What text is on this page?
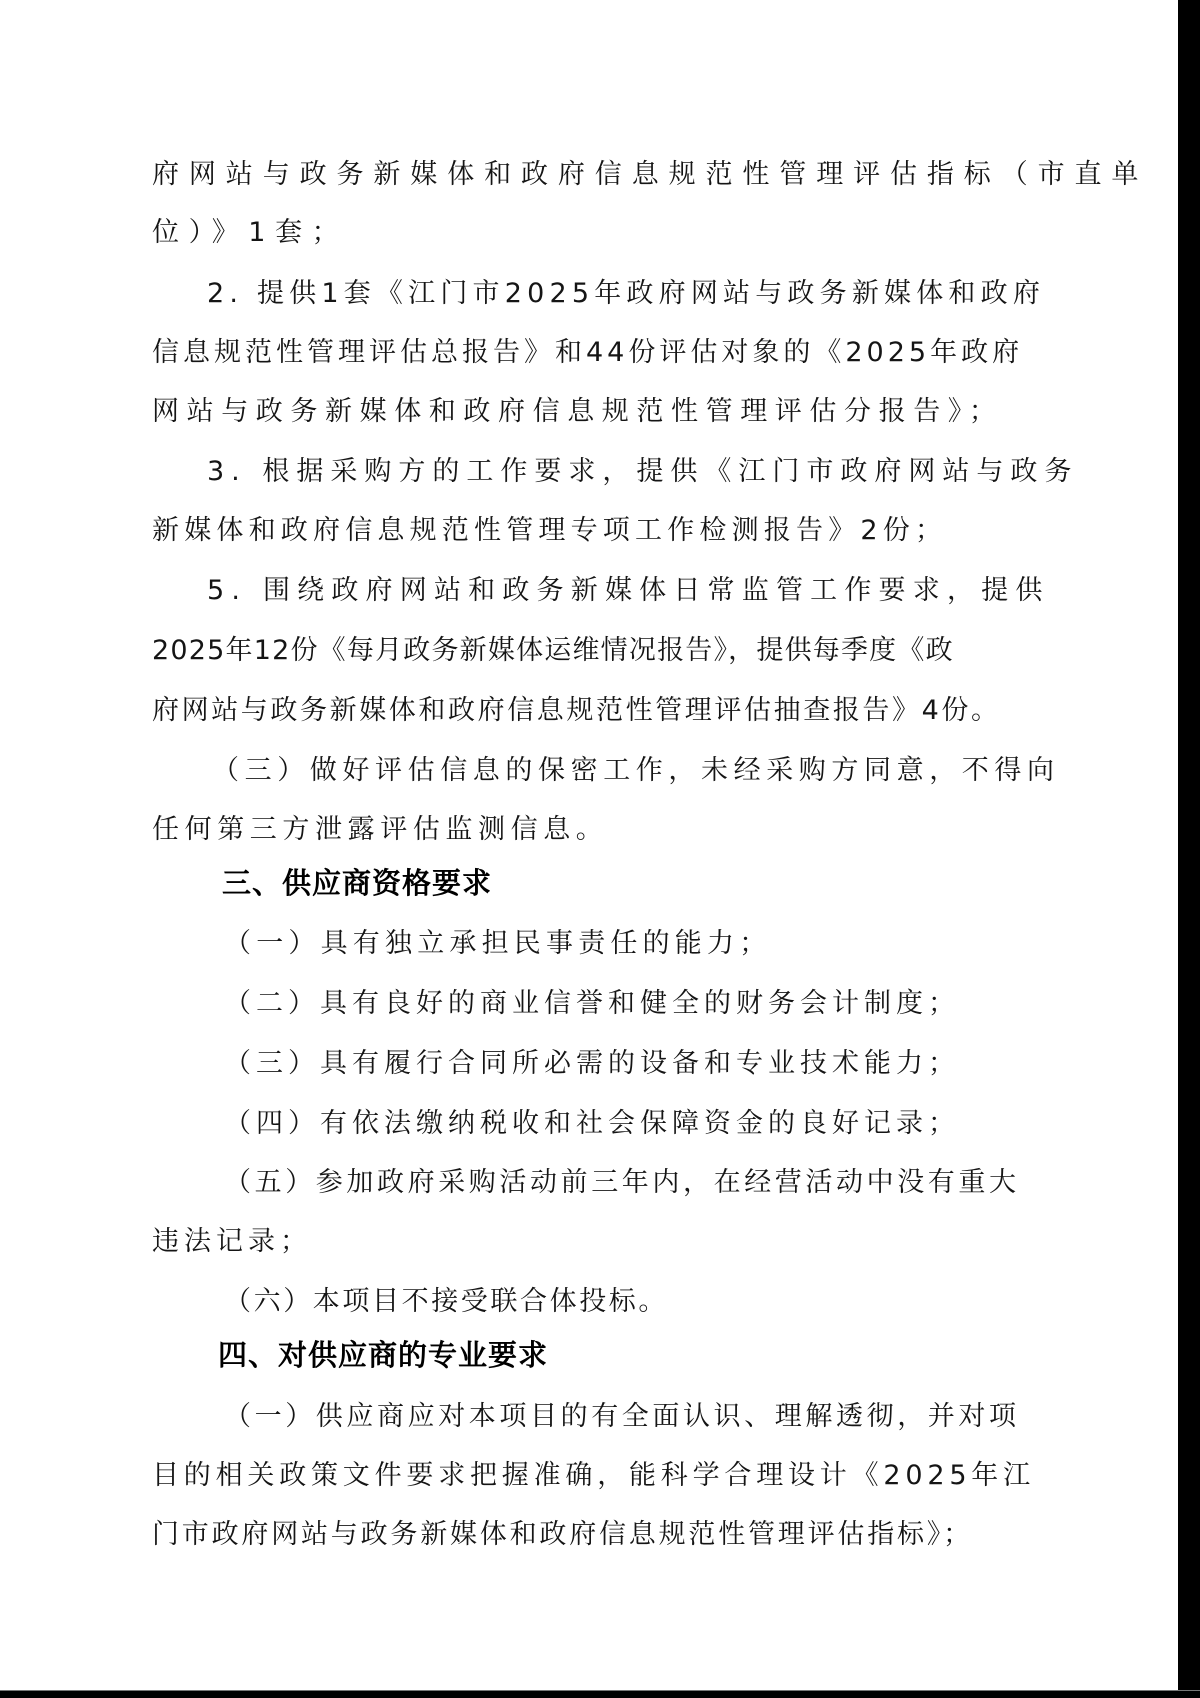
府网站与政务新媒体和政府信息规范性管理评估指标（市直单
位）》1套；
2. 提供1套《江门市2025年政府网站与政务新媒体和政府
信息规范性管理评估总报告》和44份评估对象的《2025年政府
网站与政务新媒体和政府信息规范性管理评估分报告》；
3. 根据采购方的工作要求，提供《江门市政府网站与政务
新媒体和政府信息规范性管理专项工作检测报告》2份；
5. 围绕政府网站和政务新媒体日常监管工作要求，提供
2025年12份《每月政务新媒体运维情况报告》，提供每季度《政
府网站与政务新媒体和政府信息规范性管理评估抽查报告》4份。
（三）做好评估信息的保密工作，未经采购方同意，不得向
任何第三方泄露评估监测信息。
三、供应商资格要求
（一）具有独立承担民事责任的能力；
（二）具有良好的商业信誉和健全的财务会计制度；
（三）具有履行合同所必需的设备和专业技术能力；
（四）有依法缴纳税收和社会保障资金的良好记录；
（五）参加政府采购活动前三年内，在经营活动中没有重大
违法记录；
（六）本项目不接受联合体投标。
四、对供应商的专业要求
（一）供应商应对本项目的有全面认识、理解透彻，并对项
目的相关政策文件要求把握准确，能科学合理设计《2025年江
门市政府网站与政务新媒体和政府信息规范性管理评估指标》；
